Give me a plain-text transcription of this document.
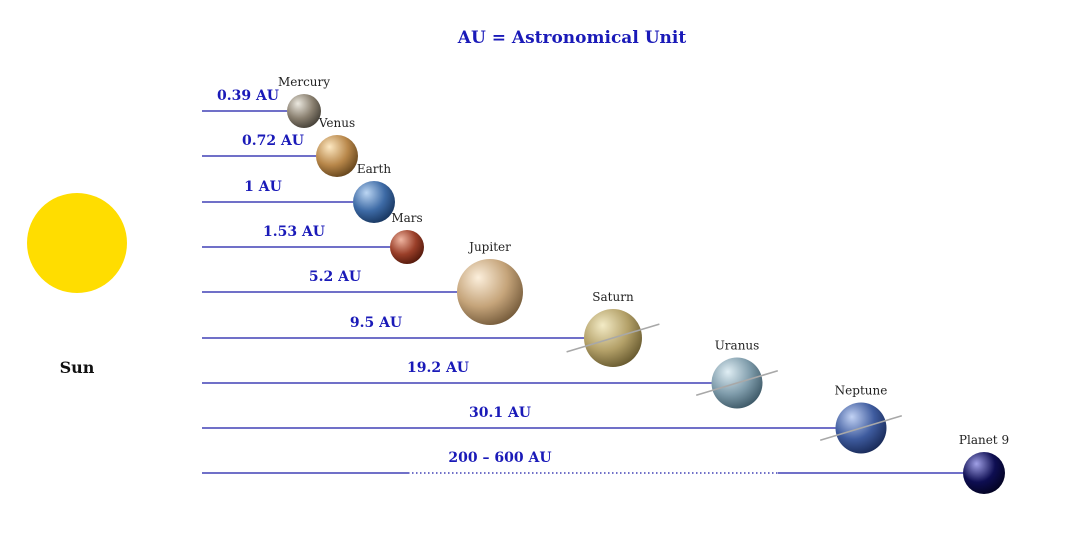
AU = Astronomical Unit
Sun
0.39 AU
Mercury
0.72 AU
Venus
1 AU
Earth
1.53 AU
Mars
5.2 AU
Jupiter
9.5 AU
Saturn
19.2 AU
Uranus
30.1 AU
Neptune
200 – 600 AU
Planet 9
